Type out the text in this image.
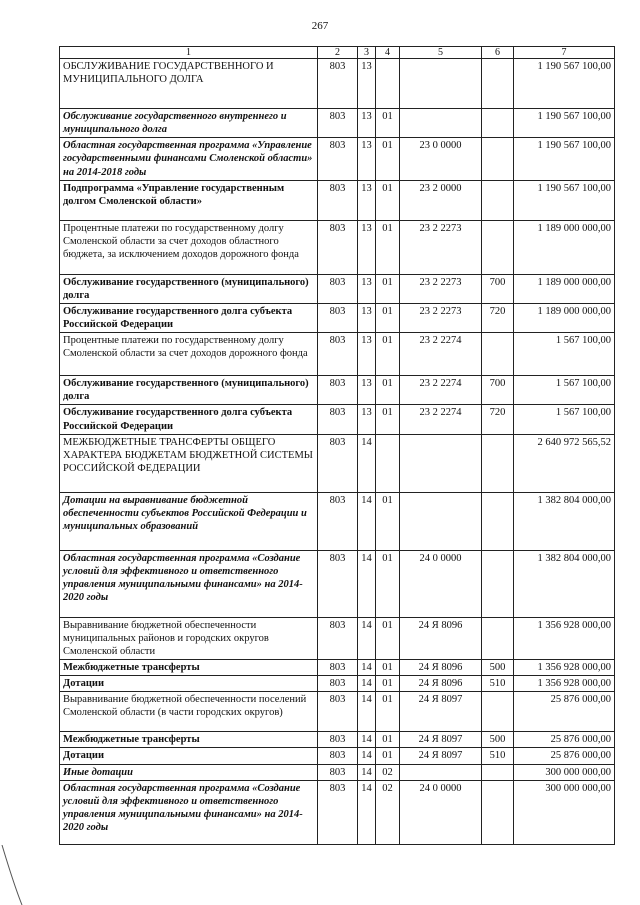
267
1	2	3	4	5	6	7
ОБСЛУЖИВАНИЕ ГОСУДАРСТВЕННОГО И МУНИЦИПАЛЬНОГО ДОЛГА	803	13				1 190 567 100,00
Обслуживание государственного внутреннего и муниципального долга	803	13	01			1 190 567 100,00
Областная государственная программа «Управление государственными финансами Смоленской области» на 2014-2018 годы	803	13	01	23 0 0000		1 190 567 100,00
Подпрограмма «Управление государственным долгом Смоленской области»	803	13	01	23 2 0000		1 190 567 100,00
Процентные платежи по государственному долгу Смоленской области за счет доходов областного бюджета, за исключением доходов дорожного фонда	803	13	01	23 2 2273		1 189 000 000,00
Обслуживание государственного (муниципального) долга	803	13	01	23 2 2273	700	1 189 000 000,00
Обслуживание государственного долга субъекта Российской Федерации	803	13	01	23 2 2273	720	1 189 000 000,00
Процентные платежи по государственному долгу Смоленской области за счет доходов дорожного фонда	803	13	01	23 2 2274		1 567 100,00
Обслуживание государственного (муниципального) долга	803	13	01	23 2 2274	700	1 567 100,00
Обслуживание государственного долга субъекта Российской Федерации	803	13	01	23 2 2274	720	1 567 100,00
МЕЖБЮДЖЕТНЫЕ ТРАНСФЕРТЫ ОБЩЕГО ХАРАКТЕРА БЮДЖЕТАМ БЮДЖЕТНОЙ СИСТЕМЫ РОССИЙСКОЙ ФЕДЕРАЦИИ	803	14				2 640 972 565,52
Дотации на выравнивание бюджетной обеспеченности субъектов Российской Федерации и муниципальных образований	803	14	01			1 382 804 000,00
Областная государственная программа «Создание условий для эффективного и ответственного управления муниципальными финансами» на 2014-2020 годы	803	14	01	24 0 0000		1 382 804 000,00
Выравнивание бюджетной обеспеченности муниципальных районов и городских округов Смоленской области	803	14	01	24 Я 8096		1 356 928 000,00
Межбюджетные трансферты	803	14	01	24 Я 8096	500	1 356 928 000,00
Дотации	803	14	01	24 Я 8096	510	1 356 928 000,00
Выравнивание бюджетной обеспеченности поселений Смоленской области (в части городских округов)	803	14	01	24 Я 8097		25 876 000,00
Межбюджетные трансферты	803	14	01	24 Я 8097	500	25 876 000,00
Дотации	803	14	01	24 Я 8097	510	25 876 000,00
Иные дотации	803	14	02			300 000 000,00
Областная государственная программа «Создание условий для эффективного и ответственного управления муниципальными финансами» на 2014-2020 годы	803	14	02	24 0 0000		300 000 000,00
